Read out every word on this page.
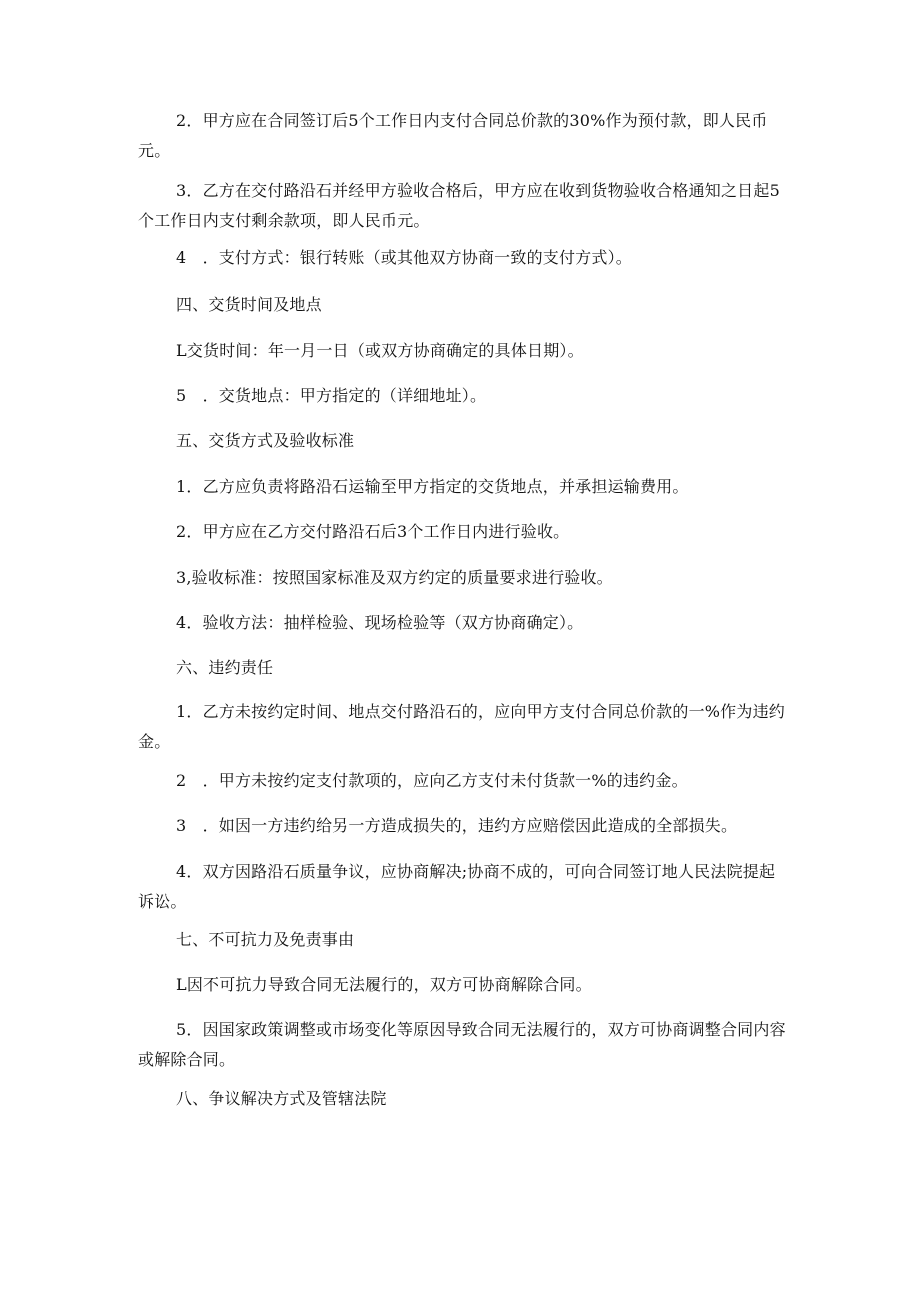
2．甲方应在合同签订后5个工作日内支付合同总价款的30%作为预付款，即人民币元。
3．乙方在交付路沿石并经甲方验收合格后，甲方应在收到货物验收合格通知之日起5个工作日内支付剩余款项，即人民币元。
4　．支付方式：银行转账（或其他双方协商一致的支付方式）。
四、交货时间及地点
L交货时间：年一月一日（或双方协商确定的具体日期）。
5　．交货地点：甲方指定的（详细地址）。
五、交货方式及验收标准
1．乙方应负责将路沿石运输至甲方指定的交货地点，并承担运输费用。
2．甲方应在乙方交付路沿石后3个工作日内进行验收。
3,验收标准：按照国家标准及双方约定的质量要求进行验收。
4．验收方法：抽样检验、现场检验等（双方协商确定）。
六、违约责任
1．乙方未按约定时间、地点交付路沿石的，应向甲方支付合同总价款的一%作为违约金。
2　．甲方未按约定支付款项的，应向乙方支付未付货款一%的违约金。
3　．如因一方违约给另一方造成损失的，违约方应赔偿因此造成的全部损失。
4．双方因路沿石质量争议，应协商解决;协商不成的，可向合同签订地人民法院提起诉讼。
七、不可抗力及免责事由
L因不可抗力导致合同无法履行的，双方可协商解除合同。
5．因国家政策调整或市场变化等原因导致合同无法履行的，双方可协商调整合同内容或解除合同。
八、争议解决方式及管辖法院
